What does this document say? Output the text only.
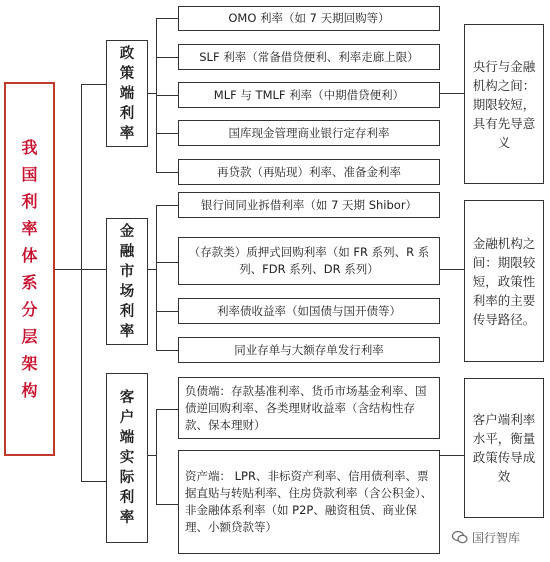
我国利率体系分层架构
政策端利率
OMO 利率（如 7 天期回购等）
SLF 利率（常备借贷便利、利率走廊上限）
MLF 与 TMLF 利率（中期借贷便利）
国库现金管理商业银行定存利率
再贷款（再贴现）利率、准备金利率
央行与金融机构之间：期限较短，具有先导意义
金融市场利率
银行间同业拆借利率（如 7 天期 Shibor）
（存款类）质押式回购利率（如 FR 系列、R 系列、FDR 系列、DR 系列）
利率债收益率（如国债与国开债等）
同业存单与大额存单发行利率
金融机构之间：期限较短，政策性利率的主要传导路径。
客户端实际利率
负债端：存款基准利率、货币市场基金利率、国债逆回购利率、各类理财收益率（含结构性存款、保本理财）
资产端： LPR、非标资产利率、信用债利率、票据直贴与转贴利率、住房贷款利率（含公积金）、非金融体系利率（如 P2P、融资租赁、商业保理、小额贷款等）
客户端利率水平，衡量政策传导成效
国行智库
